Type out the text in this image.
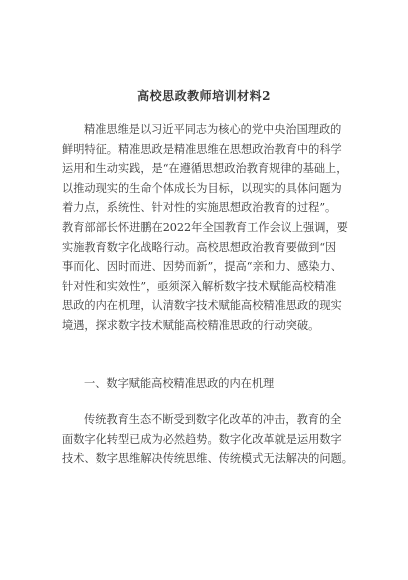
高校思政教师培训材料2
精准思维是以习近平同志为核心的党中央治国理政的
鲜明特征。精准思政是精准思维在思想政治教育中的科学
运用和生动实践，是“在遵循思想政治教育规律的基础上，
以推动现实的生命个体成长为目标，以现实的具体问题为
着力点，系统性、针对性的实施思想政治教育的过程”。
教育部部长怀进鹏在2022年全国教育工作会议上强调，要
实施教育数字化战略行动。高校思想政治教育要做到“因
事而化、因时而进、因势而新”，提高“亲和力、感染力、
针对性和实效性”，亟须深入解析数字技术赋能高校精准
思政的内在机理，认清数字技术赋能高校精准思政的现实
境遇，探求数字技术赋能高校精准思政的行动突破。
一、数字赋能高校精准思政的内在机理
传统教育生态不断受到数字化改革的冲击，教育的全
面数字化转型已成为必然趋势。数字化改革就是运用数字
技术、数字思维解决传统思维、传统模式无法解决的问题。
